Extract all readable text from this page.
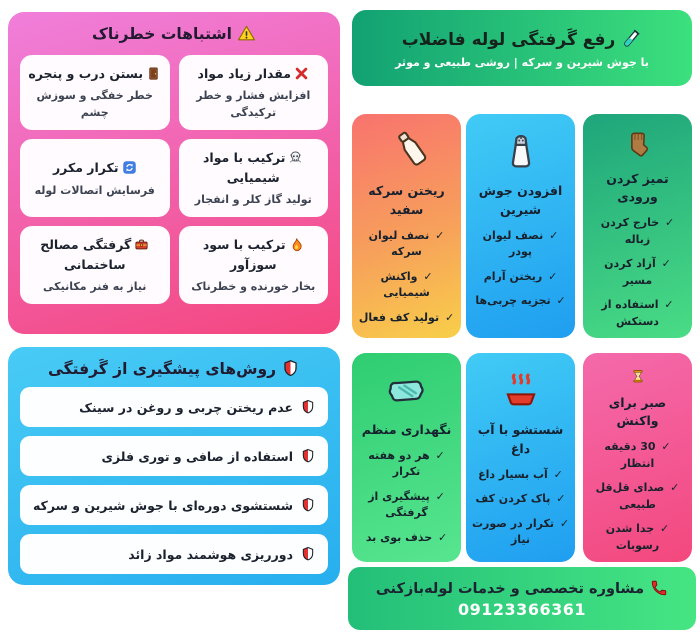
رفع گَرفتگی لوله فاضلاب
با جوش شیرین و سرکه | روشی طبیعی و موثر
اشتباهات خطرناک
مقدار زیاد مواد
افزایش فشار و خطر ترکیدگی
بستن درب و پنجره
خطر خفگی و سوزش چشم
ترکیب با مواد شیمیایی
تولید گاز کلر و انفجار
تکرار مکرر
فرسایش اتصالات لوله
ترکیب با سود سوزآور
بخار خورنده و خطرناک
گرفتگی مصالح ساختمانی
نیاز به فنر مکانیکی
تمیز کردن ورودی
✓ خارج کردن زباله
✓ آزاد کردن مسیر
✓ استفاده از دستکش
افزودن جوش شیرین
✓ نصف لیوان پودر
✓ ریختن آرام
✓ تجزیه چربی‌ها
ریختن سرکه سفید
✓ نصف لیوان سرکه
✓ واکنش شیمیایی
✓ تولید کف فعال
صبر برای واکنش
✓ 30 دقیقه انتظار
✓ صدای قل‌قل طبیعی
✓ جدا شدن رسوبات
شستشو با آب داغ
✓ آب بسیار داغ
✓ پاک کردن کف
✓ تکرار در صورت نیاز
نگهداری منظم
✓ هر دو هفته تکرار
✓ پیشگیری از گرفتگی
✓ حذف بوی بد
روش‌های پیشگیری از گَرفتگی
عدم ریختن چربی و روغن در سینک
استفاده از صافی و توری فلزی
شستشوی دوره‌ای با جوش شیرین و سرکه
دورریزی هوشمند مواد زائد
مشاوره تخصصی و خدمات لوله‌بازکنی
09123366361
